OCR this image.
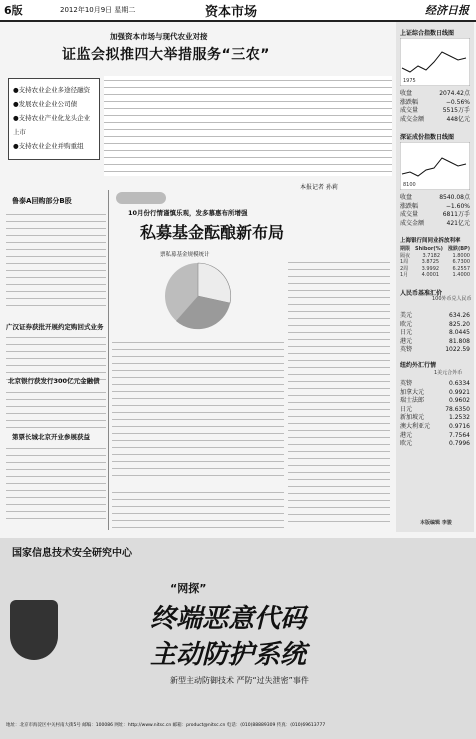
6版	2012年10月9日 星期二	资本市场	经济日报
加强资本市场与现代农业对接
证监会拟推四大举措服务“三农”
●支持农业企业多途径融资
●发展农业企业公司债
●支持农业产业化龙头企业上市
●支持农业企业并购重组
本报记者 孙莉
鲁泰A回购部分B股
广汉证券获批开展约定购回式业务
北京银行获发行300亿元金融债
第票长城北京开业参展获益
10月份行情谨慎乐观，发多慕惠布所增强
私募基金酝酿新布局
票私募基金规模统计
上证综合指数日线图
1975
收盘	2074.42点
涨跌幅	−0.56%
成交量	5515万手
成交金额	448亿元
深证成份指数日线图
8100
收盘	8540.08点
涨跌幅	−1.60%
成交量	6811万手
成交金额	421亿元
上海银行间同业拆放利率
期限 Shibor(%) 涨跌(BP)
隔夜 3.7182 1.8000
1周	3.8725	6.7300
2周	3.9992	6.2557
1月	4.0001	1.4000
人民币基准汇价
100外币兑人民币
美元	634.26
欧元	825.20
日元	8.0445
港元	81.808
英镑	1022.59
纽约外汇行情
1美元合外币
英镑	0.6334
加拿大元	0.9921
瑞士法郎	0.9602
日元	78.6350
新加坡元	1.2532
澳大利亚元	0.9716
港元	7.7564
欧元	0.7996
本版编辑 李骏
国家信息技术安全研究中心
“网探”
终端恶意代码
主动防护系统
新型主动防御技术 严防“过失泄密”事件
地址：北京市海淀区中关村南大街5号 邮编：100086 网址：http://www.nitsc.cn 邮箱：product@nitsc.cn 电话：(010)88889309 传真：(010)69613777
